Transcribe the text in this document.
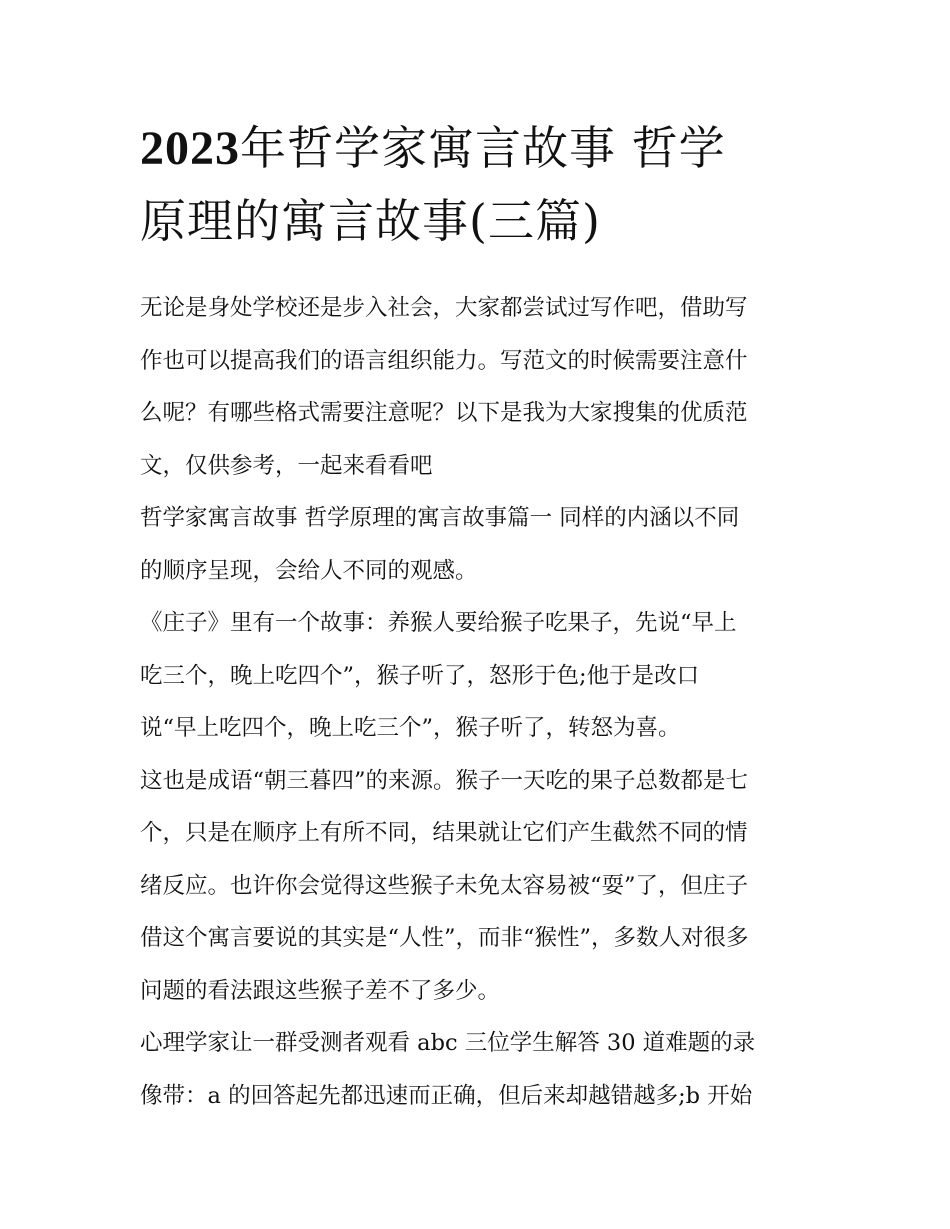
2023年哲学家寓言故事 哲学
原理的寓言故事(三篇)

无论是身处学校还是步入社会，大家都尝试过写作吧，借助写
作也可以提高我们的语言组织能力。写范文的时候需要注意什
么呢？有哪些格式需要注意呢？以下是我为大家搜集的优质范
文，仅供参考，一起来看看吧

哲学家寓言故事 哲学原理的寓言故事篇一 同样的内涵以不同
的顺序呈现，会给人不同的观感。

《庄子》里有一个故事：养猴人要给猴子吃果子，先说“早上
吃三个，晚上吃四个”，猴子听了，怒形于色;他于是改口
说“早上吃四个，晚上吃三个”，猴子听了，转怒为喜。

这也是成语“朝三暮四”的来源。猴子一天吃的果子总数都是七
个，只是在顺序上有所不同，结果就让它们产生截然不同的情
绪反应。也许你会觉得这些猴子未免太容易被“耍”了，但庄子
借这个寓言要说的其实是“人性”，而非“猴性”，多数人对很多
问题的看法跟这些猴子差不了多少。

心理学家让一群受测者观看 abc 三位学生解答 30 道难题的录
像带：a 的回答起先都迅速而正确，但后来却越错越多;b 开始
